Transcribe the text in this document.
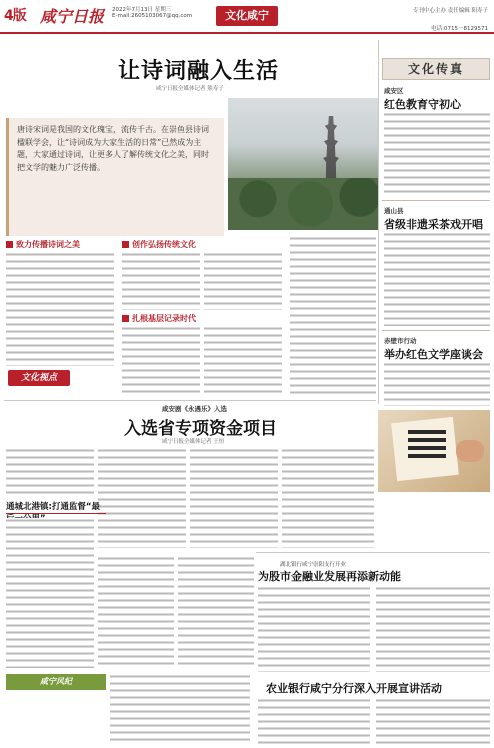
4版 咸宁日报 2022年7月13日 星期三
E-mail:2605103067@qq.com	文化咸宁	专刊中心主办 责任编辑 阳寿子
电话:0715－8129571
让诗词融入生活
咸宁日报全媒体记者 熊寿子

唐诗宋词是我国的文化瑰宝，流传千古。在崇鱼县诗词楹联学会，让“诗词成为大家生活的日常”已然成为主题，大家通过诗词，让更多人了解传统文化之美，同时把文学的魅力广泛传播。

致力传播诗词之美	创作弘扬传统文化
扎根基层记录时代
文化视点
咸安剧《永遇乐》入选
入选省专项资金项目
咸宁日报全媒体记者 王恒
通城北港镇:打通监督“最
文化传真
咸安区
红色教育守初心
通山县
省级非遗采茶戏开唱
赤壁市行动
举办红色文学座谈会
湖北银行咸宁崇阳支行开业
为股市金融业发展再添新动能
农业银行咸宁分行深入开展宣讲活动
咸宁风纪
